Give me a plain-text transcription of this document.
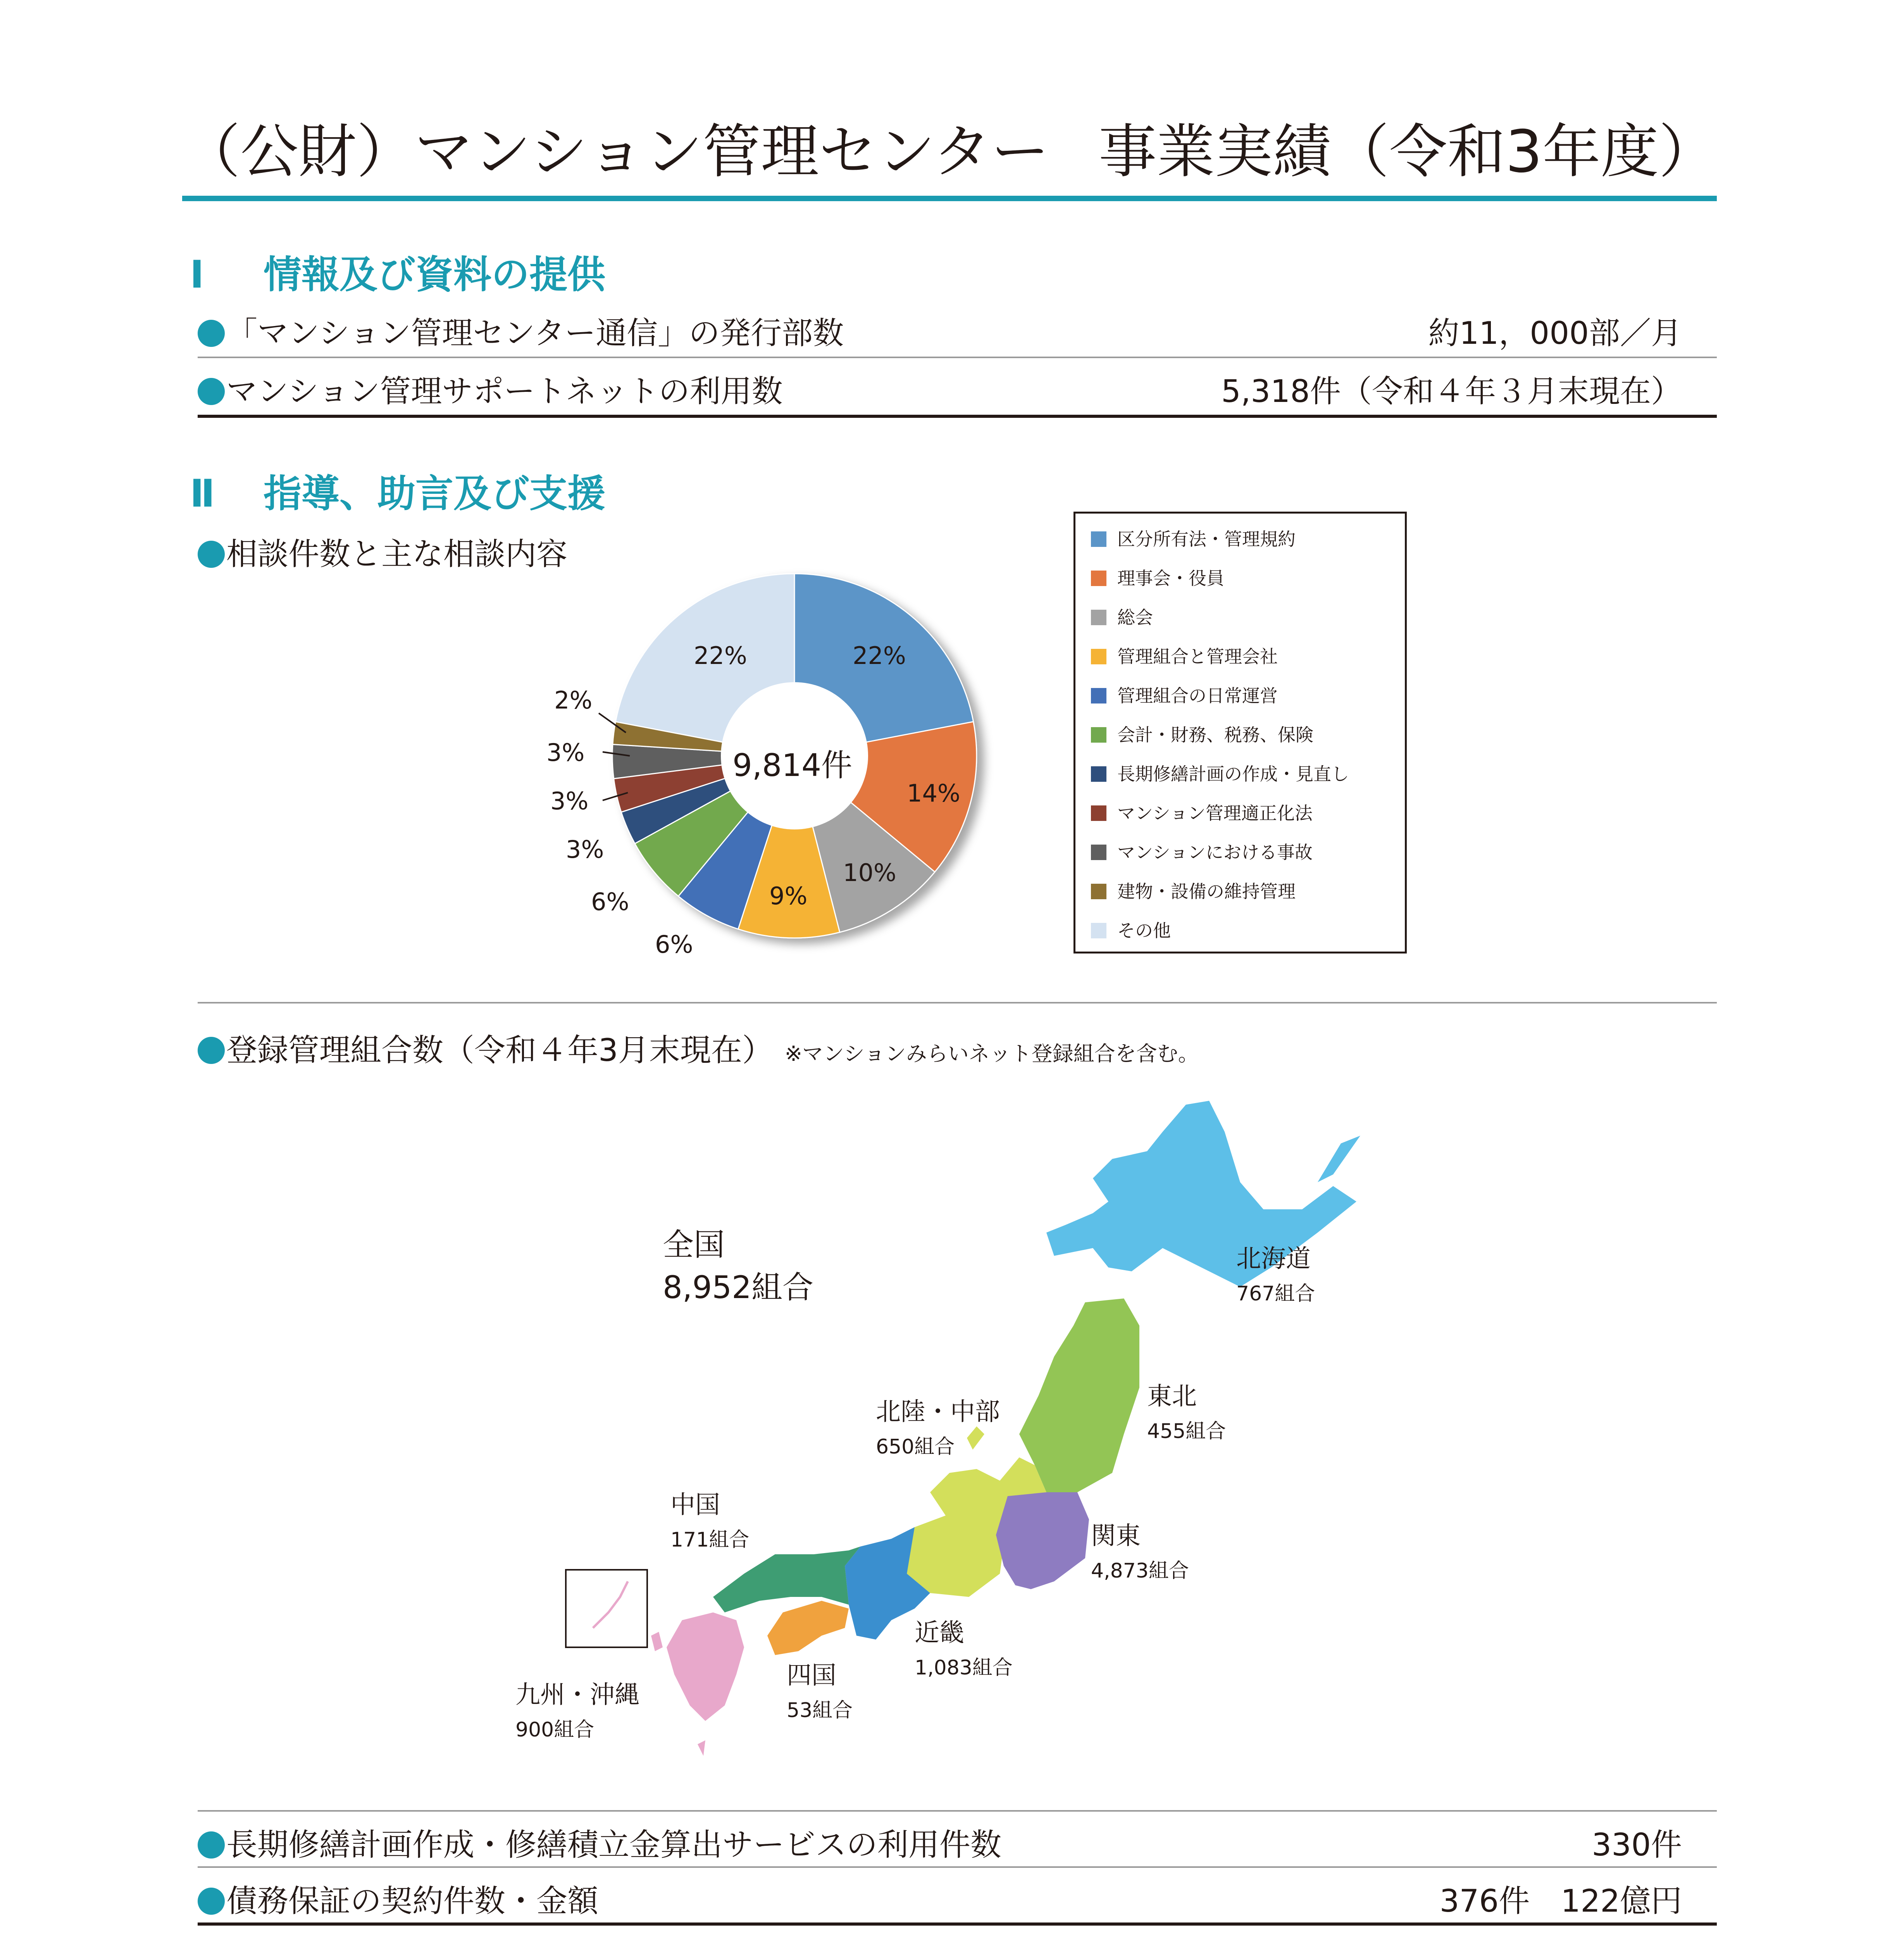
（公財）マンション管理センター 事業実績（令和3年度）
Ⅰ 情報及び資料の提供
「マンション管理センター通信」の発行部数	約11，000部／月
マンション管理サポートネットの利用数	5,318件（令和４年３月末現在）
Ⅱ 指導、助言及び支援
相談件数と主な相談内容
9,814件
22%
14%
10%
9%
6%
6%
3%
3%
3%
2%
22%
区分所有法・管理規約
理事会・役員
総会
管理組合と管理会社
管理組合の日常運営
会計・財務、税務、保険
長期修繕計画の作成・見直し
マンション管理適正化法
マンションにおける事故
建物・設備の維持管理
その他
登録管理組合数（令和４年3月末現在） ※マンションみらいネット登録組合を含む。
全国
8,952組合
北海道
767組合
東北
455組合
北陸・中部
650組合
関東
4,873組合
近畿
1,083組合
中国
171組合
四国
53組合
九州・沖縄
900組合
長期修繕計画作成・修繕積立金算出サービスの利用件数	330件
債務保証の契約件数・金額	376件　122億円
